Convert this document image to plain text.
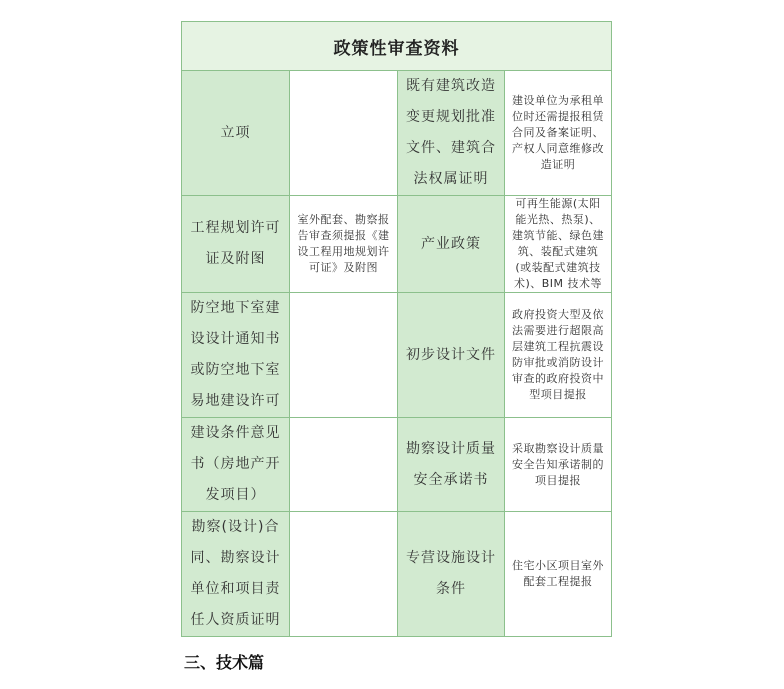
政策性审查资料			
立项		既有建筑改造变更规划批准文件、建筑合法权属证明	建设单位为承租单位时还需提报租赁合同及备案证明、产权人同意维修改造证明
工程规划许可证及附图	室外配套、勘察报告审查须提报《建设工程用地规划许可证》及附图	产业政策	可再生能源(太阳能光热、热泵)、建筑节能、绿色建筑、装配式建筑(或装配式建筑技术)、BIM 技术等
防空地下室建设设计通知书或防空地下室易地建设许可		初步设计文件	政府投资大型及依法需要进行超限高层建筑工程抗震设防审批或消防设计审查的政府投资中型项目提报
建设条件意见书（房地产开发项目）		勘察设计质量安全承诺书	采取勘察设计质量安全告知承诺制的项目提报
勘察(设计)合同、勘察设计单位和项目责任人资质证明		专营设施设计条件	住宅小区项目室外配套工程提报
三、技术篇
